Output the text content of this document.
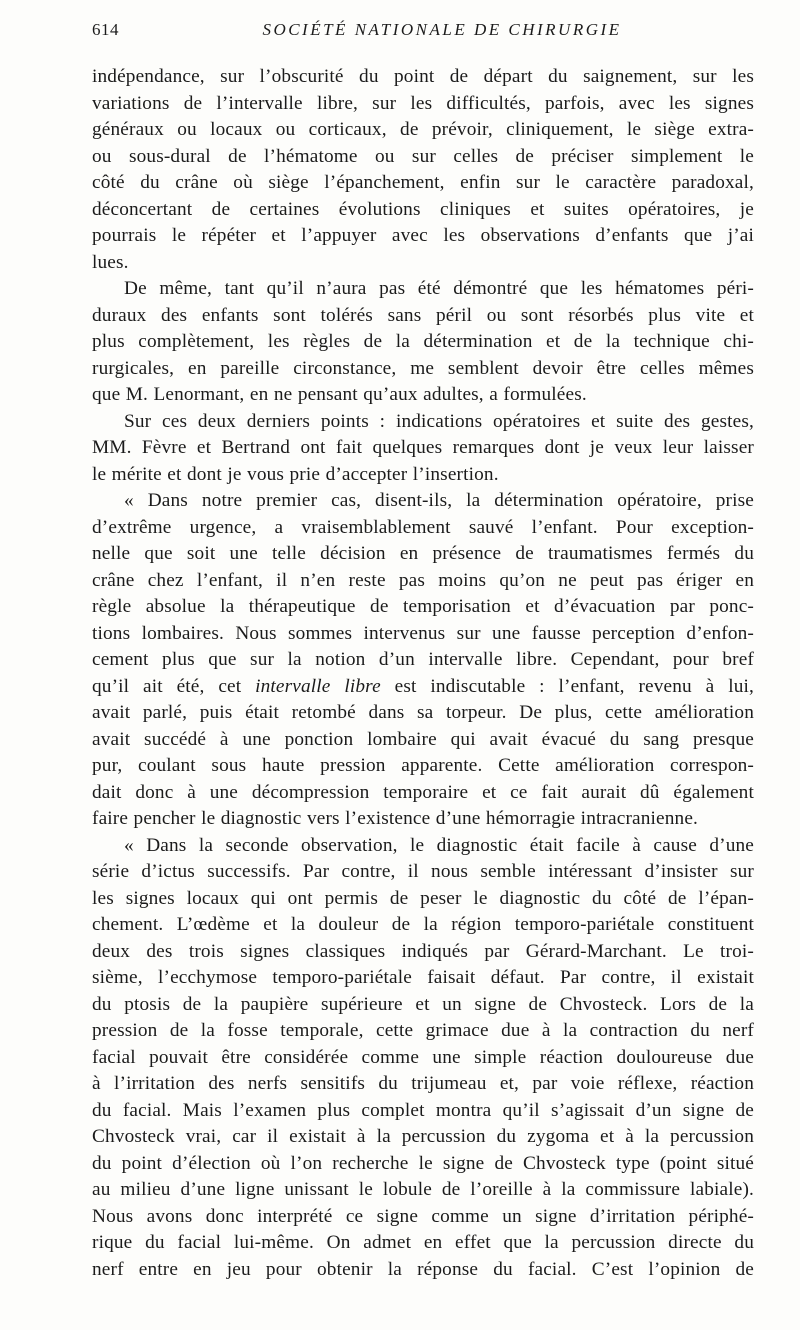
614	SOCIÉTÉ NATIONALE DE CHIRURGIE

indépendance, sur l’obscurité du point de départ du saignement, sur les
variations de l’intervalle libre, sur les difficultés, parfois, avec les signes
généraux ou locaux ou corticaux, de prévoir, cliniquement, le siège extra-
ou sous-dural de l’hématome ou sur celles de préciser simplement le
côté du crâne où siège l’épanchement, enfin sur le caractère paradoxal,
déconcertant de certaines évolutions cliniques et suites opératoires, je
pourrais le répéter et l’appuyer avec les observations d’enfants que j’ai
lues.

De même, tant qu’il n’aura pas été démontré que les hématomes péri-
duraux des enfants sont tolérés sans péril ou sont résorbés plus vite et
plus complètement, les règles de la détermination et de la technique chi-
rurgicales, en pareille circonstance, me semblent devoir être celles mêmes
que M. Lenormant, en ne pensant qu’aux adultes, a formulées.

Sur ces deux derniers points : indications opératoires et suite des gestes,
MM. Fèvre et Bertrand ont fait quelques remarques dont je veux leur laisser
le mérite et dont je vous prie d’accepter l’insertion.

« Dans notre premier cas, disent-ils, la détermination opératoire, prise
d’extrême urgence, a vraisemblablement sauvé l’enfant. Pour exception-
nelle que soit une telle décision en présence de traumatismes fermés du
crâne chez l’enfant, il n’en reste pas moins qu’on ne peut pas ériger en
règle absolue la thérapeutique de temporisation et d’évacuation par ponc-
tions lombaires. Nous sommes intervenus sur une fausse perception d’enfon-
cement plus que sur la notion d’un intervalle libre. Cependant, pour bref
qu’il ait été, cet intervalle libre est indiscutable : l’enfant, revenu à lui,
avait parlé, puis était retombé dans sa torpeur. De plus, cette amélioration
avait succédé à une ponction lombaire qui avait évacué du sang presque
pur, coulant sous haute pression apparente. Cette amélioration correspon-
dait donc à une décompression temporaire et ce fait aurait dû également
faire pencher le diagnostic vers l’existence d’une hémorragie intracranienne.

« Dans la seconde observation, le diagnostic était facile à cause d’une
série d’ictus successifs. Par contre, il nous semble intéressant d’insister sur
les signes locaux qui ont permis de peser le diagnostic du côté de l’épan-
chement. L’œdème et la douleur de la région temporo-pariétale constituent
deux des trois signes classiques indiqués par Gérard-Marchant. Le troi-
sième, l’ecchymose temporo-pariétale faisait défaut. Par contre, il existait
du ptosis de la paupière supérieure et un signe de Chvosteck. Lors de la
pression de la fosse temporale, cette grimace due à la contraction du nerf
facial pouvait être considérée comme une simple réaction douloureuse due
à l’irritation des nerfs sensitifs du trijumeau et, par voie réflexe, réaction
du facial. Mais l’examen plus complet montra qu’il s’agissait d’un signe de
Chvosteck vrai, car il existait à la percussion du zygoma et à la percussion
du point d’élection où l’on recherche le signe de Chvosteck type (point situé
au milieu d’une ligne unissant le lobule de l’oreille à la commissure labiale).
Nous avons donc interprété ce signe comme un signe d’irritation périphé-
rique du facial lui-même. On admet en effet que la percussion directe du
nerf entre en jeu pour obtenir la réponse du facial. C’est l’opinion de
